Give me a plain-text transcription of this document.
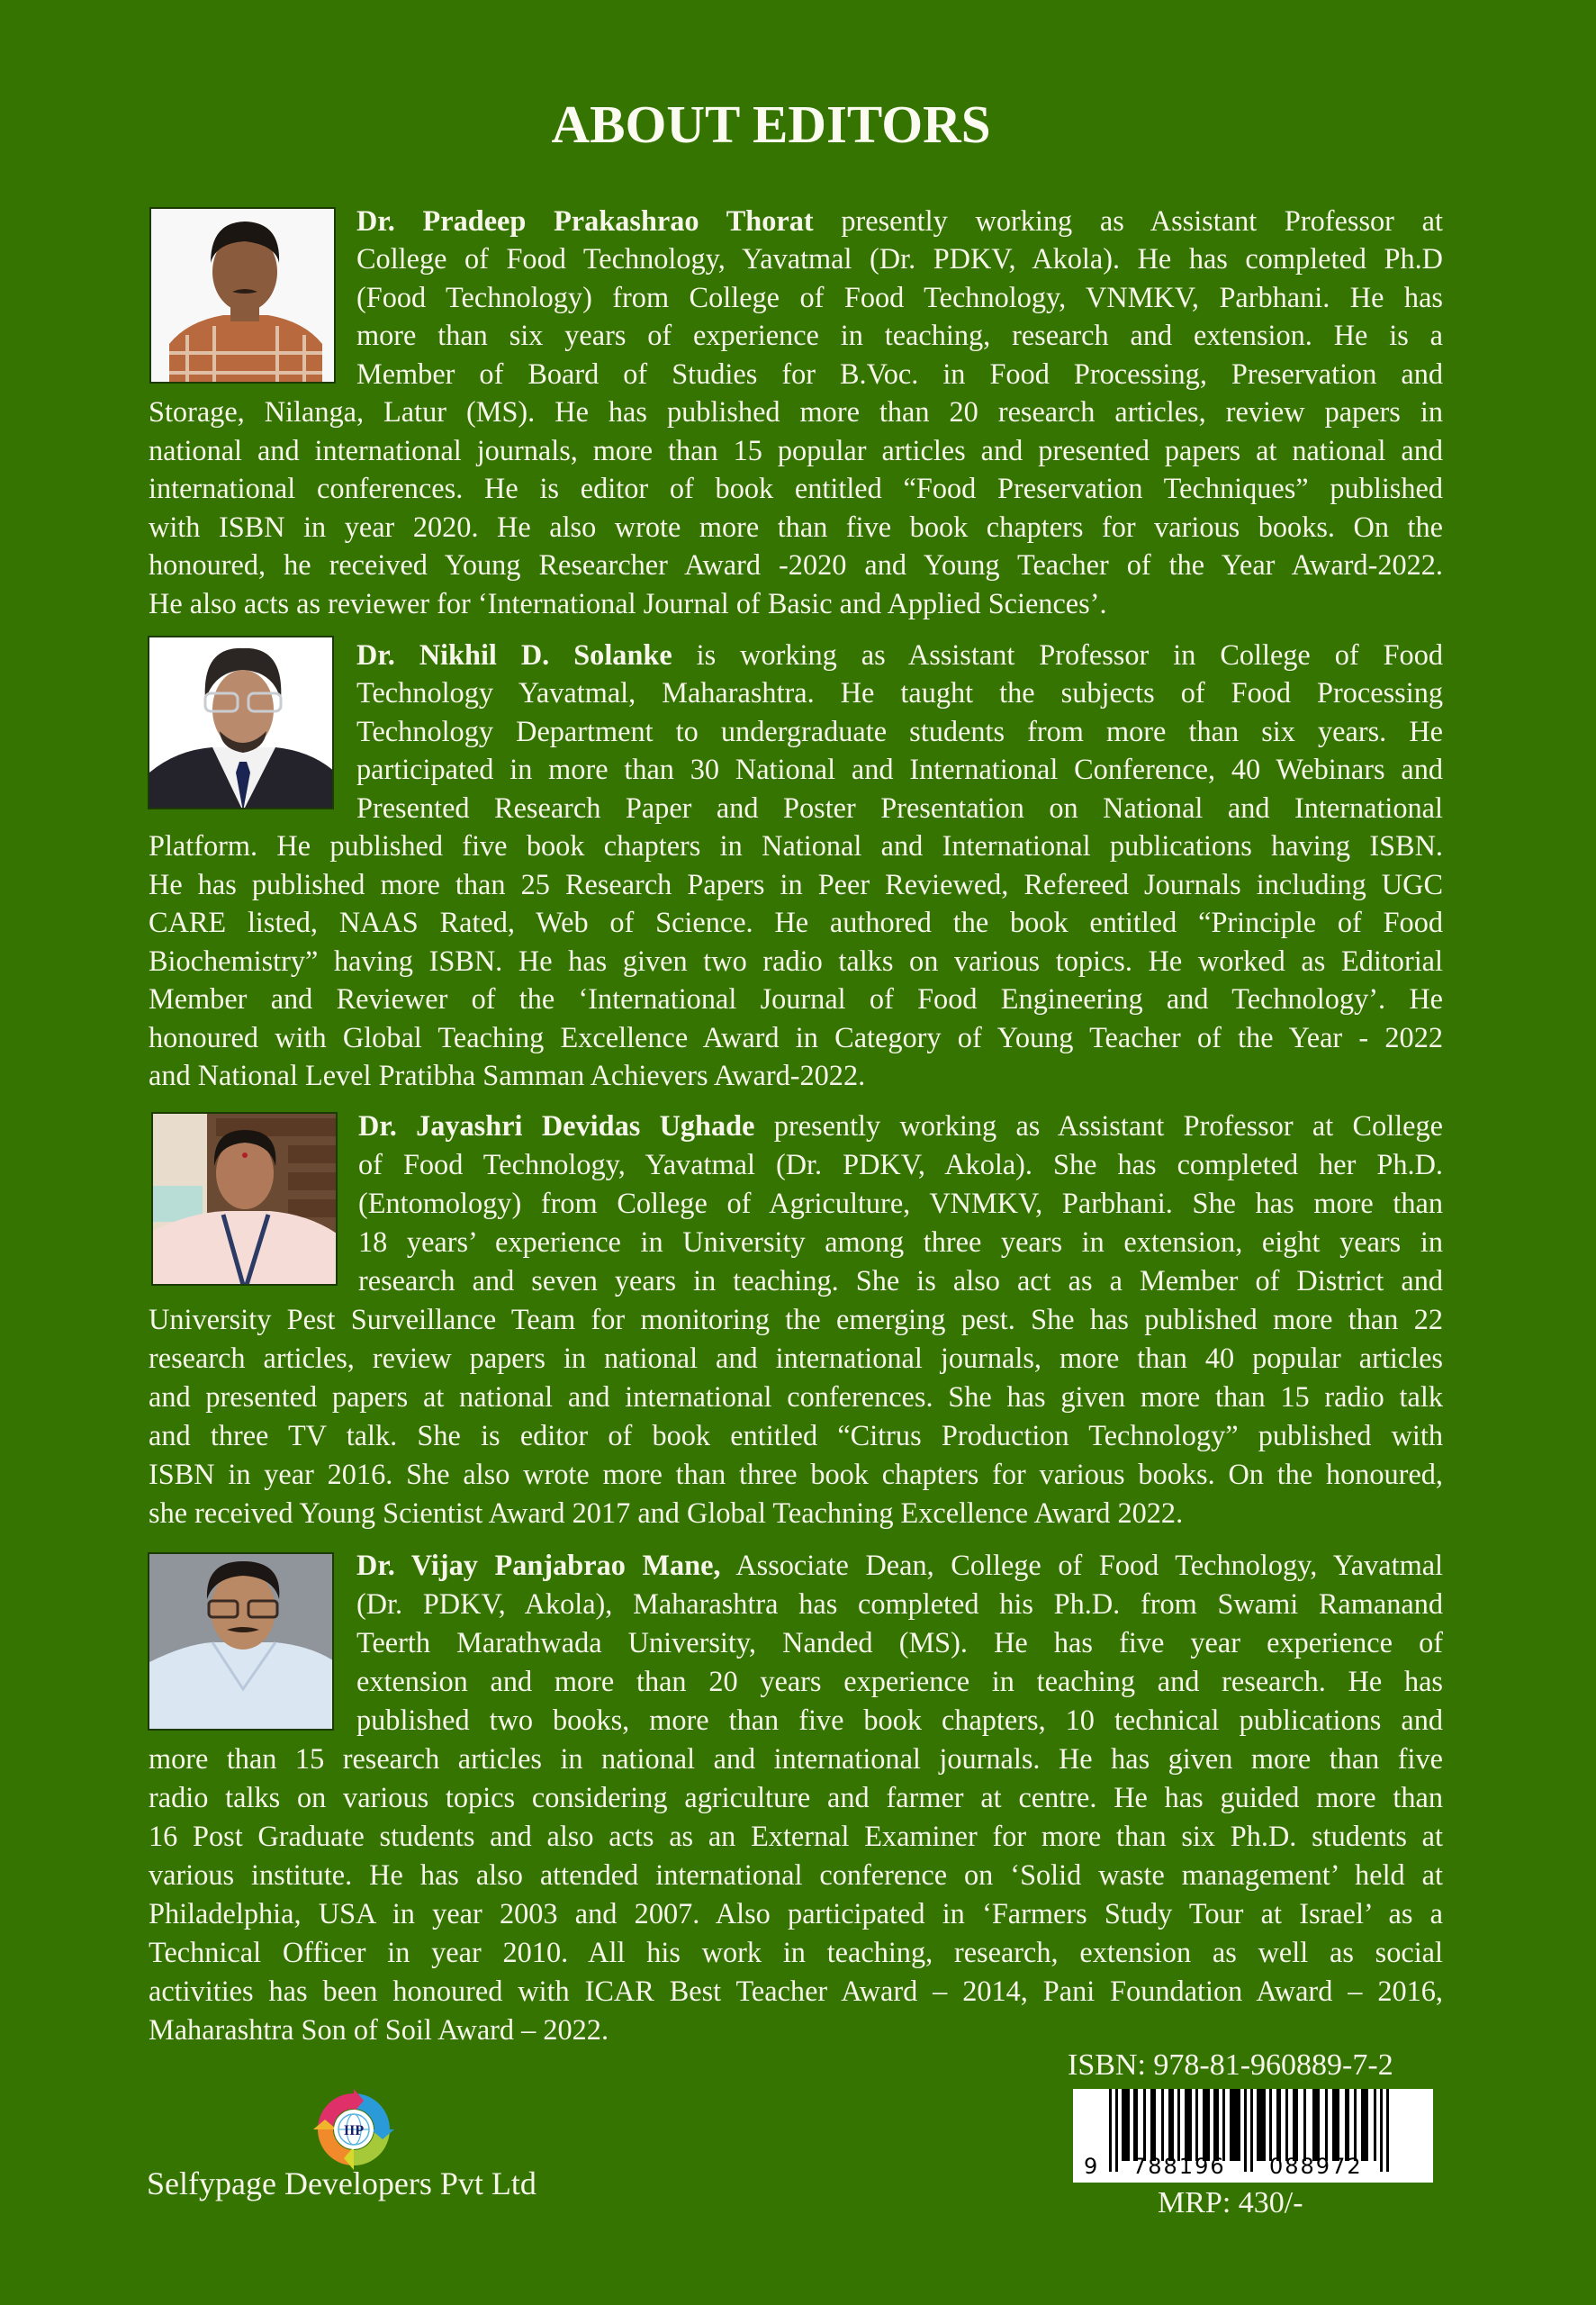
ABOUT EDITORS
Dr. Pradeep Prakashrao Thorat presently working as Assistant Professor at
College of Food Technology, Yavatmal (Dr. PDKV, Akola). He has completed Ph.D
(Food Technology) from College of Food Technology, VNMKV, Parbhani. He has
more than six years of experience in teaching, research and extension. He is a
Member of Board of Studies for B.Voc. in Food Processing, Preservation and
Storage, Nilanga, Latur (MS). He has published more than 20 research articles, review papers in
national and international journals, more than 15 popular articles and presented papers at national and
international conferences. He is editor of book entitled “Food Preservation Techniques” published
with ISBN in year 2020. He also wrote more than five book chapters for various books. On the
honoured, he received Young Researcher Award -2020 and Young Teacher of the Year Award-2022.
He also acts as reviewer for ‘International Journal of Basic and Applied Sciences’.
Dr. Nikhil D. Solanke is working as Assistant Professor in College of Food
Technology Yavatmal, Maharashtra. He taught the subjects of Food Processing
Technology Department to undergraduate students from more than six years. He
participated in more than 30 National and International Conference, 40 Webinars and
Presented Research Paper and Poster Presentation on National and International
Platform. He published five book chapters in National and International publications having ISBN.
He has published more than 25 Research Papers in Peer Reviewed, Refereed Journals including UGC
CARE listed, NAAS Rated, Web of Science. He authored the book entitled “Principle of Food
Biochemistry” having ISBN. He has given two radio talks on various topics. He worked as Editorial
Member and Reviewer of the ‘International Journal of Food Engineering and Technology’. He
honoured with Global Teaching Excellence Award in Category of Young Teacher of the Year - 2022
and National Level Pratibha Samman Achievers Award-2022.
Dr. Jayashri Devidas Ughade presently working as Assistant Professor at College
of Food Technology, Yavatmal (Dr. PDKV, Akola). She has completed her Ph.D.
(Entomology) from College of Agriculture, VNMKV, Parbhani. She has more than
18 years’ experience in University among three years in extension, eight years in
research and seven years in teaching. She is also act as a Member of District and
University Pest Surveillance Team for monitoring the emerging pest. She has published more than 22
research articles, review papers in national and international journals, more than 40 popular articles
and presented papers at national and international conferences. She has given more than 15 radio talk
and three TV talk. She is editor of book entitled “Citrus Production Technology” published with
ISBN in year 2016. She also wrote more than three book chapters for various books. On the honoured,
she received Young Scientist Award 2017 and Global Teachning Excellence Award 2022.
Dr. Vijay Panjabrao Mane, Associate Dean, College of Food Technology, Yavatmal
(Dr. PDKV, Akola), Maharashtra has completed his Ph.D. from Swami Ramanand
Teerth Marathwada University, Nanded (MS). He has five year experience of
extension and more than 20 years experience in teaching and research. He has
published two books, more than five book chapters, 10 technical publications and
more than 15 research articles in national and international journals. He has given more than five
radio talks on various topics considering agriculture and farmer at centre. He has guided more than
16 Post Graduate students and also acts as an External Examiner for more than six Ph.D. students at
various institute. He has also attended international conference on ‘Solid waste management’ held at
Philadelphia, USA in year 2003 and 2007. Also participated in ‘Farmers Study Tour at Israel’ as a
Technical Officer in year 2010. All his work in teaching, research, extension as well as social
activities has been honoured with ICAR Best Teacher Award – 2014, Pani Foundation Award – 2016,
Maharashtra Son of Soil Award – 2022.
IIP
Selfypage Developers Pvt Ltd
ISBN: 978-81-960889-7-2
9 788196 088972
MRP: 430/-
